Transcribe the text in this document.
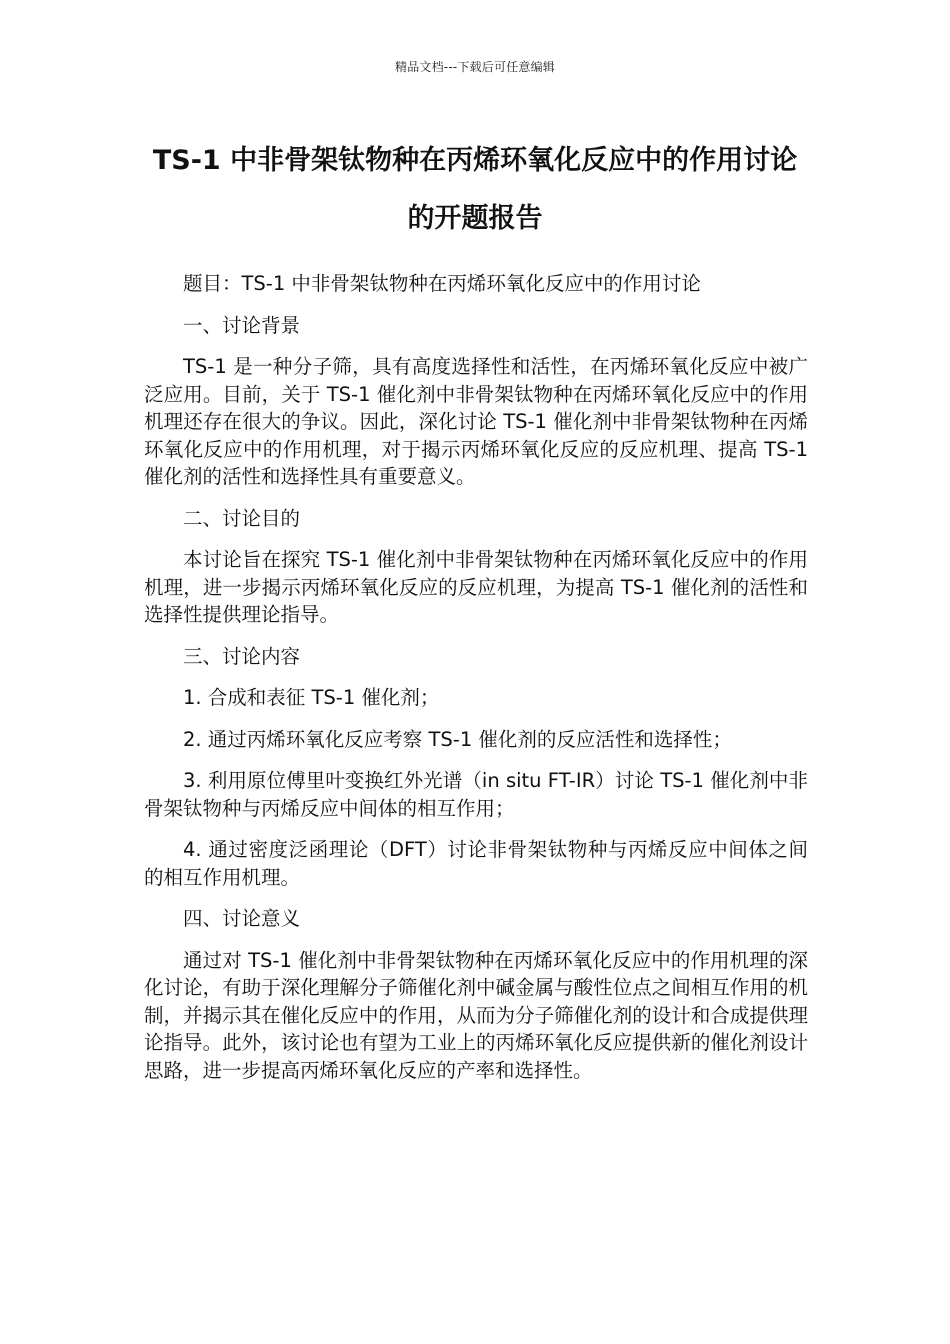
精品文档---下载后可任意编辑
TS-1 中非骨架钛物种在丙烯环氧化反应中的作用讨论的开题报告

题目：TS-1 中非骨架钛物种在丙烯环氧化反应中的作用讨论

一、讨论背景

TS-1 是一种分子筛，具有高度选择性和活性，在丙烯环氧化反应中被广泛应用。目前，关于 TS-1 催化剂中非骨架钛物种在丙烯环氧化反应中的作用机理还存在很大的争议。因此，深化讨论 TS-1 催化剂中非骨架钛物种在丙烯环氧化反应中的作用机理，对于揭示丙烯环氧化反应的反应机理、提高 TS-1 催化剂的活性和选择性具有重要意义。

二、讨论目的

本讨论旨在探究 TS-1 催化剂中非骨架钛物种在丙烯环氧化反应中的作用机理，进一步揭示丙烯环氧化反应的反应机理，为提高 TS-1 催化剂的活性和选择性提供理论指导。

三、讨论内容

1. 合成和表征 TS-1 催化剂；

2. 通过丙烯环氧化反应考察 TS-1 催化剂的反应活性和选择性；

3. 利用原位傅里叶变换红外光谱（in situ FT-IR）讨论 TS-1 催化剂中非骨架钛物种与丙烯反应中间体的相互作用；

4. 通过密度泛函理论（DFT）讨论非骨架钛物种与丙烯反应中间体之间的相互作用机理。

四、讨论意义

通过对 TS-1 催化剂中非骨架钛物种在丙烯环氧化反应中的作用机理的深化讨论，有助于深化理解分子筛催化剂中碱金属与酸性位点之间相互作用的机制，并揭示其在催化反应中的作用，从而为分子筛催化剂的设计和合成提供理论指导。此外，该讨论也有望为工业上的丙烯环氧化反应提供新的催化剂设计思路，进一步提高丙烯环氧化反应的产率和选择性。
